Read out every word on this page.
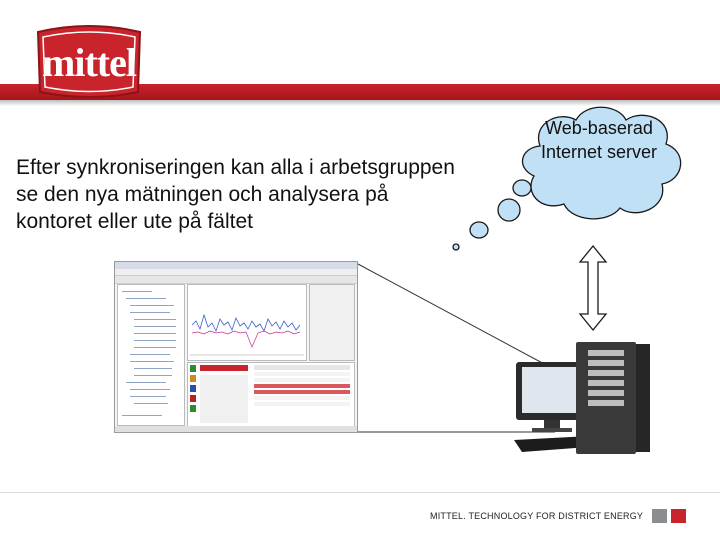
mittel

Efter synkroniseringen kan alla i arbetsgruppen
se den nya mätningen och analysera på
kontoret eller ute på fältet

Web-baserad
Internet server
MITTEL. TECHNOLOGY FOR DISTRICT ENERGY
